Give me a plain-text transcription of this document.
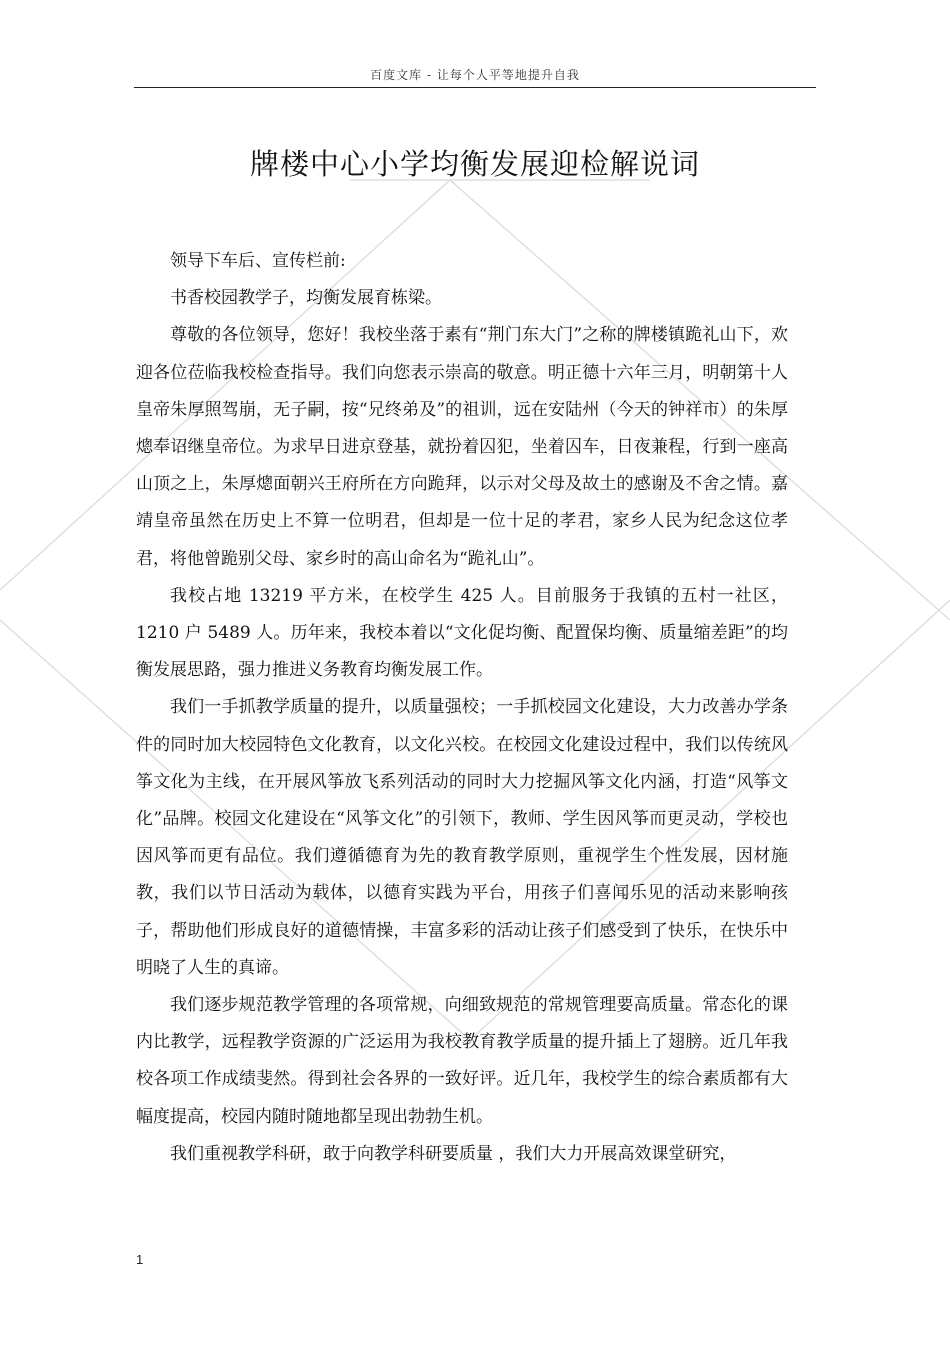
百度文库 - 让每个人平等地提升自我
牌楼中心小学均衡发展迎检解说词

领导下车后、宣传栏前:

书香校园教学子，均衡发展育栋梁。

尊敬的各位领导，您好！我校坐落于素有“荆门东大门”之称的牌楼镇跪礼山下，欢迎各位莅临我校检查指导。我们向您表示崇高的敬意。明正德十六年三月，明朝第十人皇帝朱厚照驾崩，无子嗣，按“兄终弟及”的祖训，远在安陆州（今天的钟祥市）的朱厚熜奉诏继皇帝位。为求早日进京登基，就扮着囚犯，坐着囚车，日夜兼程，行到一座高山顶之上，朱厚熜面朝兴王府所在方向跪拜，以示对父母及故土的感谢及不舍之情。嘉靖皇帝虽然在历史上不算一位明君，但却是一位十足的孝君，家乡人民为纪念这位孝君，将他曾跪别父母、家乡时的高山命名为“跪礼山”。

我校占地 13219 平方米，在校学生 425 人。目前服务于我镇的五村一社区，1210 户 5489 人。历年来，我校本着以“文化促均衡、配置保均衡、质量缩差距”的均衡发展思路，强力推进义务教育均衡发展工作。

我们一手抓教学质量的提升，以质量强校；一手抓校园文化建设，大力改善办学条件的同时加大校园特色文化教育，以文化兴校。在校园文化建设过程中，我们以传统风筝文化为主线，在开展风筝放飞系列活动的同时大力挖掘风筝文化内涵，打造“风筝文化”品牌。校园文化建设在“风筝文化”的引领下，教师、学生因风筝而更灵动，学校也因风筝而更有品位。我们遵循德育为先的教育教学原则，重视学生个性发展，因材施教，我们以节日活动为载体，以德育实践为平台，用孩子们喜闻乐见的活动来影响孩子，帮助他们形成良好的道德情操，丰富多彩的活动让孩子们感受到了快乐，在快乐中明晓了人生的真谛。

我们逐步规范教学管理的各项常规，向细致规范的常规管理要高质量。常态化的课内比教学，远程教学资源的广泛运用为我校教育教学质量的提升插上了翅膀。近几年我校各项工作成绩斐然。得到社会各界的一致好评。近几年，我校学生的综合素质都有大幅度提高，校园内随时随地都呈现出勃勃生机。

我们重视教学科研，敢于向教学科研要质量 ，我们大力开展高效课堂研究，

1
